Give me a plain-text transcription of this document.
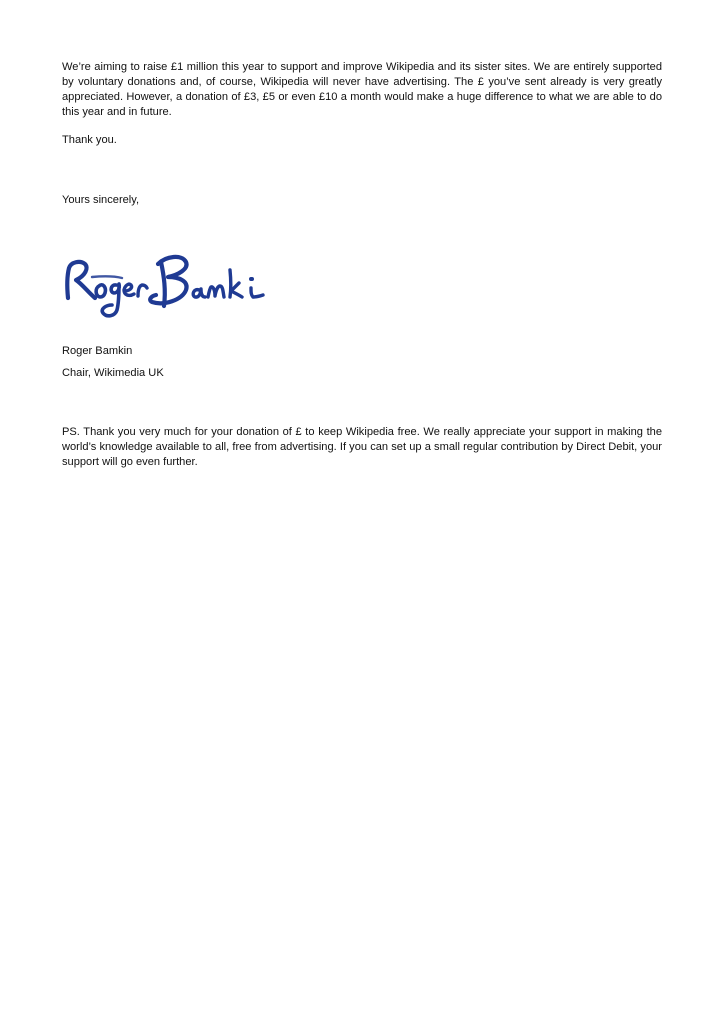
We’re aiming to raise £1 million this year to support and improve Wikipedia and its sister sites. We are entirely supported by voluntary donations and, of course, Wikipedia will never have advertising. The £ you’ve sent already is very greatly appreciated. However, a donation of £3, £5 or even £10 a month would make a huge difference to what we are able to do this year and in future.

Thank you.

Yours sincerely,

Roger Bamkin

Chair, Wikimedia UK

PS. Thank you very much for your donation of £ to keep Wikipedia free. We really appreciate your support in making the world’s knowledge available to all, free from advertising. If you can set up a small regular contribution by Direct Debit, your support will go even further.
